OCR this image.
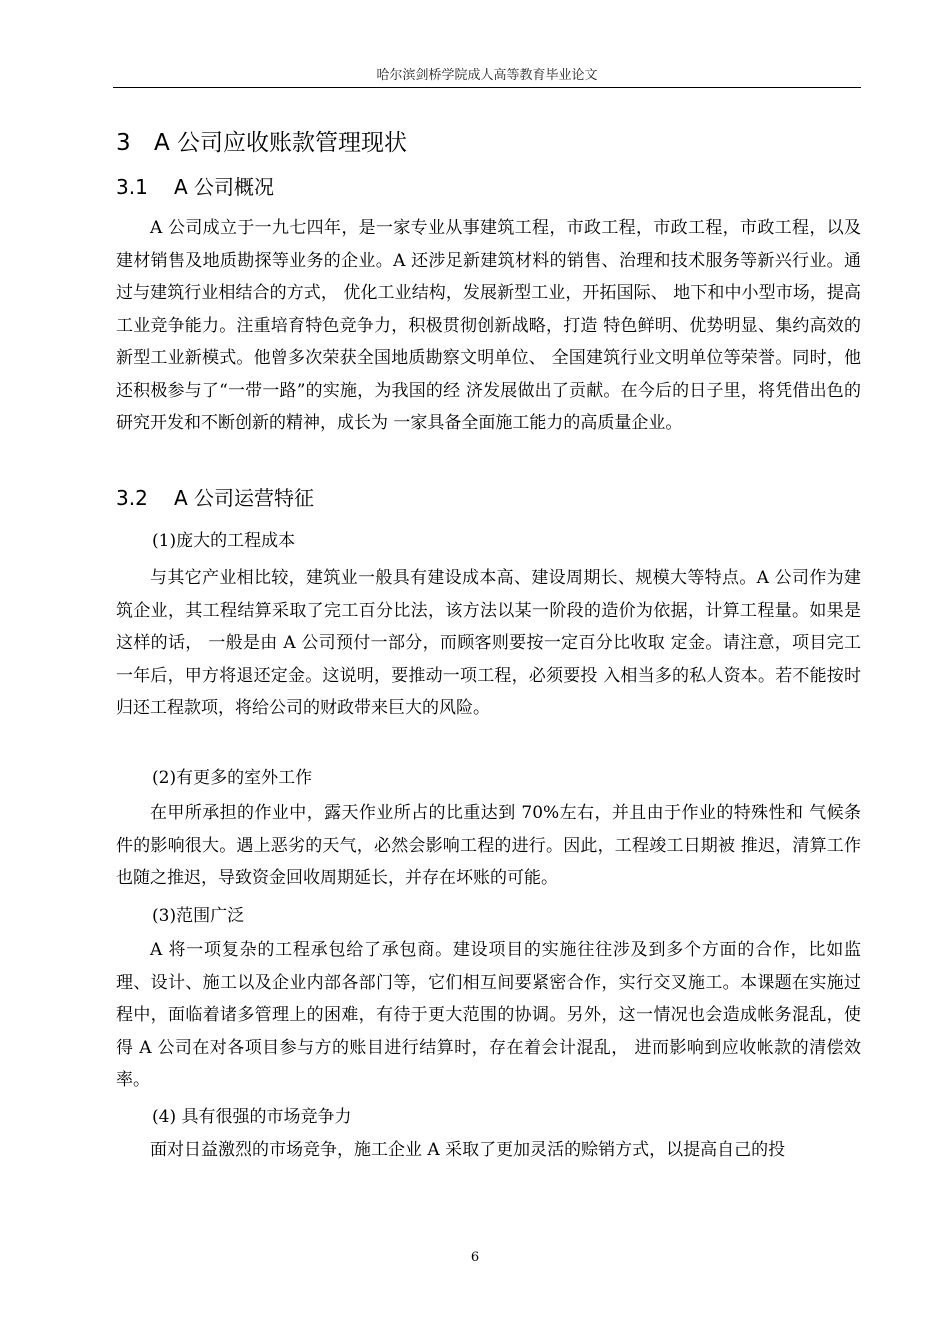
哈尔滨剑桥学院成人高等教育毕业论文
3 A 公司应收账款管理现状
3.1 A 公司概况

A 公司成立于一九七四年，是一家专业从事建筑工程，市政工程，市政工程，市政工程，以及建材销售及地质勘探等业务的企业。A 还涉足新建筑材料的销售、治理和技术服务等新兴行业。通过与建筑行业相结合的方式， 优化工业结构，发展新型工业，开拓国际、 地下和中小型市场，提高工业竞争能力。注重培育特色竞争力，积极贯彻创新战略，打造 特色鲜明、优势明显、集约高效的新型工业新模式。他曾多次荣获全国地质勘察文明单位、 全国建筑行业文明单位等荣誉。同时，他还积极参与了“一带一路”的实施，为我国的经 济发展做出了贡献。在今后的日子里，将凭借出色的研究开发和不断创新的精神，成长为 一家具备全面施工能力的高质量企业。

3.2 A 公司运营特征

(1)庞大的工程成本

与其它产业相比较，建筑业一般具有建设成本高、建设周期长、规模大等特点。A 公司作为建筑企业，其工程结算采取了完工百分比法，该方法以某一阶段的造价为依据，计算工程量。如果是这样的话， 一般是由 A 公司预付一部分，而顾客则要按一定百分比收取 定金。请注意，项目完工一年后，甲方将退还定金。这说明，要推动一项工程，必须要投 入相当多的私人资本。若不能按时归还工程款项，将给公司的财政带来巨大的风险。

(2)有更多的室外工作

在甲所承担的作业中，露天作业所占的比重达到 70%左右，并且由于作业的特殊性和 气候条件的影响很大。遇上恶劣的天气，必然会影响工程的进行。因此，工程竣工日期被 推迟，清算工作也随之推迟，导致资金回收周期延长，并存在坏账的可能。

(3)范围广泛

A 将一项复杂的工程承包给了承包商。建设项目的实施往往涉及到多个方面的合作，比如监理、设计、施工以及企业内部各部门等，它们相互间要紧密合作，实行交叉施工。本课题在实施过程中，面临着诸多管理上的困难，有待于更大范围的协调。另外，这一情况也会造成帐务混乱，使得 A 公司在对各项目参与方的账目进行结算时，存在着会计混乱， 进而影响到应收帐款的清偿效率。

(4) 具有很强的市场竞争力

面对日益激烈的市场竞争，施工企业 A 采取了更加灵活的赊销方式，以提高自己的投

6
